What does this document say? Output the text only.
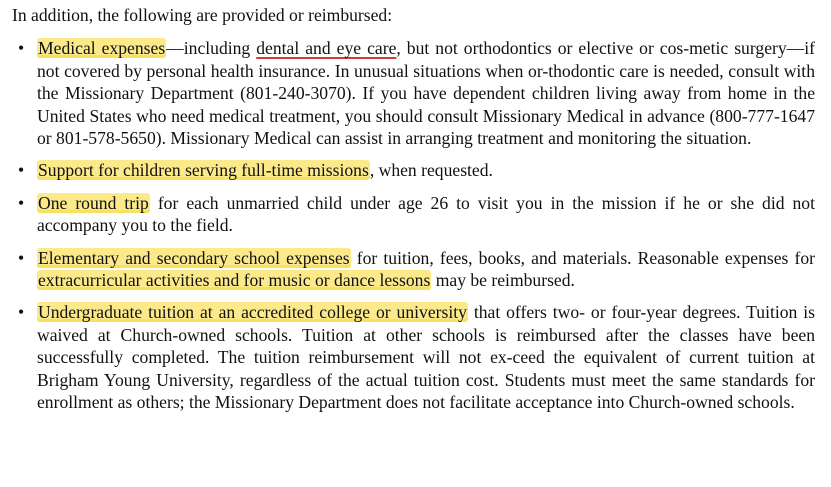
In addition, the following are provided or reimbursed:

• Medical expenses—including dental and eye care, but not orthodontics or elective or cos-metic surgery—if not covered by personal health insurance. In unusual situations when or-thodontic care is needed, consult with the Missionary Department (801-240-3070). If you have dependent children living away from home in the United States who need medical treatment, you should consult Missionary Medical in advance (800-777-1647 or 801-578-5650). Missionary Medical can assist in arranging treatment and monitoring the situation.
• Support for children serving full-time missions, when requested.
• One round trip for each unmarried child under age 26 to visit you in the mission if he or she did not accompany you to the field.
• Elementary and secondary school expenses for tuition, fees, books, and materials. Reasonable expenses for extracurricular activities and for music or dance lessons may be reimbursed.
• Undergraduate tuition at an accredited college or university that offers two- or four-year degrees. Tuition is waived at Church-owned schools. Tuition at other schools is reimbursed after the classes have been successfully completed. The tuition reimbursement will not ex-ceed the equivalent of current tuition at Brigham Young University, regardless of the actual tuition cost. Students must meet the same standards for enrollment as others; the Missionary Department does not facilitate acceptance into Church-owned schools.
